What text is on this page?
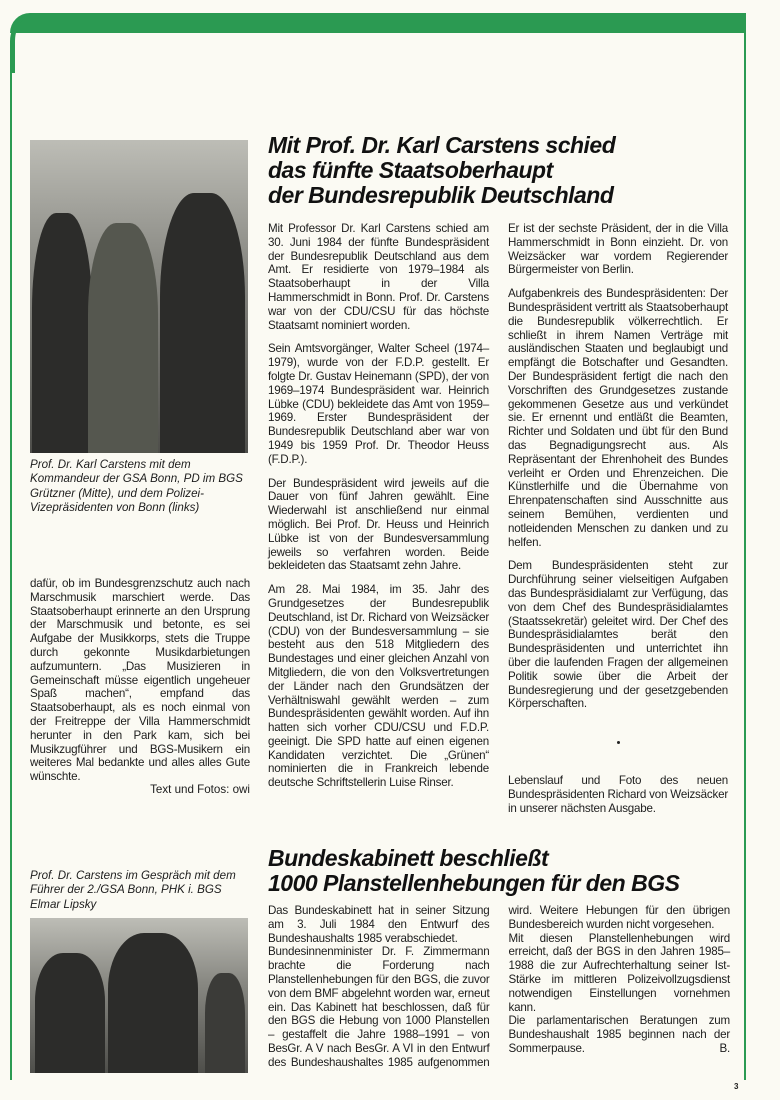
Prof. Dr. Karl Carstens mit dem Kommandeur der GSA Bonn, PD im BGS Grützner (Mitte), und dem Polizei-Vizepräsidenten von Bonn (links)
Mit Prof. Dr. Karl Carstens schied
das fünfte Staatsoberhaupt
der Bundesrepublik Deutschland

Mit Professor Dr. Karl Carstens schied am 30. Juni 1984 der fünfte Bundespräsident der Bundesrepublik Deutschland aus dem Amt. Er residierte von 1979–1984 als Staatsoberhaupt in der Villa Hammerschmidt in Bonn. Prof. Dr. Carstens war von der CDU/CSU für das höchste Staatsamt nominiert worden.

Sein Amtsvorgänger, Walter Scheel (1974–1979), wurde von der F.D.P. gestellt. Er folgte Dr. Gustav Heinemann (SPD), der von 1969–1974 Bundespräsident war. Heinrich Lübke (CDU) bekleidete das Amt von 1959–1969. Erster Bundespräsident der Bundesrepublik Deutschland aber war von 1949 bis 1959 Prof. Dr. Theodor Heuss (F.D.P.).

Der Bundespräsident wird jeweils auf die Dauer von fünf Jahren gewählt. Eine Wiederwahl ist anschließend nur einmal möglich. Bei Prof. Dr. Heuss und Heinrich Lübke ist von der Bundesversammlung jeweils so verfahren worden. Beide bekleideten das Staatsamt zehn Jahre.

Am 28. Mai 1984, im 35. Jahr des Grundgesetzes der Bundesrepublik Deutschland, ist Dr. Richard von Weizsäcker (CDU) von der Bundesversammlung – sie besteht aus den 518 Mitgliedern des Bundestages und einer gleichen Anzahl von Mitgliedern, die von den Volksvertretungen der Länder nach den Grundsätzen der Verhältniswahl gewählt werden – zum Bundespräsidenten gewählt worden. Auf ihn hatten sich vorher CDU/CSU und F.D.P. geeinigt. Die SPD hatte auf einen eigenen Kandidaten verzichtet. Die „Grünen“ nominierten die in Frankreich lebende deutsche Schriftstellerin Luise Rinser.

Er ist der sechste Präsident, der in die Villa Hammerschmidt in Bonn einzieht. Dr. von Weizsäcker war vordem Regierender Bürgermeister von Berlin.

Aufgabenkreis des Bundespräsidenten: Der Bundespräsident vertritt als Staatsoberhaupt die Bundesrepublik völkerrechtlich. Er schließt in ihrem Namen Verträge mit ausländischen Staaten und beglaubigt und empfängt die Botschafter und Gesandten. Der Bundespräsident fertigt die nach den Vorschriften des Grundgesetzes zustande gekommenen Gesetze aus und verkündet sie. Er ernennt und entläßt die Beamten, Richter und Soldaten und übt für den Bund das Begnadigungsrecht aus. Als Repräsentant der Ehrenhoheit des Bundes verleiht er Orden und Ehrenzeichen. Die Künstlerhilfe und die Übernahme von Ehrenpatenschaften sind Ausschnitte aus seinem Bemühen, verdienten und notleidenden Menschen zu danken und zu helfen.

Dem Bundespräsidenten steht zur Durchführung seiner vielseitigen Aufgaben das Bundespräsidialamt zur Verfügung, das von dem Chef des Bundespräsidialamtes (Staatssekretär) geleitet wird. Der Chef des Bundespräsidialamtes berät den Bundespräsidenten und unterrichtet ihn über die laufenden Fragen der allgemeinen Politik sowie über die Arbeit der Bundesregierung und der gesetzgebenden Körperschaften.

Lebenslauf und Foto des neuen Bundespräsidenten Richard von Weizsäcker in unserer nächsten Ausgabe.
dafür, ob im Bundesgrenzschutz auch nach Marschmusik marschiert werde. Das Staatsoberhaupt erinnerte an den Ursprung der Marschmusik und betonte, es sei Aufgabe der Musikkorps, stets die Truppe durch gekonnte Musikdarbietungen aufzumuntern. „Das Musizieren in Gemeinschaft müsse eigentlich ungeheuer Spaß machen“, empfand das Staatsoberhaupt, als es noch einmal von der Freitreppe der Villa Hammerschmidt herunter in den Park kam, sich bei Musikzugführer und BGS-Musikern ein weiteres Mal bedankte und alles alles Gute wünschte.
Text und Fotos: owi
Prof. Dr. Carstens im Gespräch mit dem Führer der 2./GSA Bonn, PHK i. BGS Elmar Lipsky
Bundeskabinett beschließt
1000 Planstellenhebungen für den BGS

Das Bundeskabinett hat in seiner Sitzung am 3. Juli 1984 den Entwurf des Bundeshaushalts 1985 verabschiedet.

Bundesinnenminister Dr. F. Zimmermann brachte die Forderung nach Planstellenhebungen für den BGS, die zuvor von dem BMF abgelehnt worden war, erneut ein. Das Kabinett hat beschlossen, daß für den BGS die Hebung von 1000 Planstellen – gestaffelt die Jahre 1988–1991 – von BesGr. A V nach BesGr. A VI in den Entwurf des Bundeshaushaltes 1985 aufgenommen wird. Weitere Hebungen für den übrigen Bundesbereich wurden nicht vorgesehen.

Mit diesen Planstellenhebungen wird erreicht, daß der BGS in den Jahren 1985–1988 die zur Aufrechterhaltung seiner Ist-Stärke im mittleren Polizeivollzugsdienst notwendigen Einstellungen vornehmen kann.

Die parlamentarischen Beratungen zum Bundeshaushalt 1985 beginnen nach der Sommerpause.	B.

3
